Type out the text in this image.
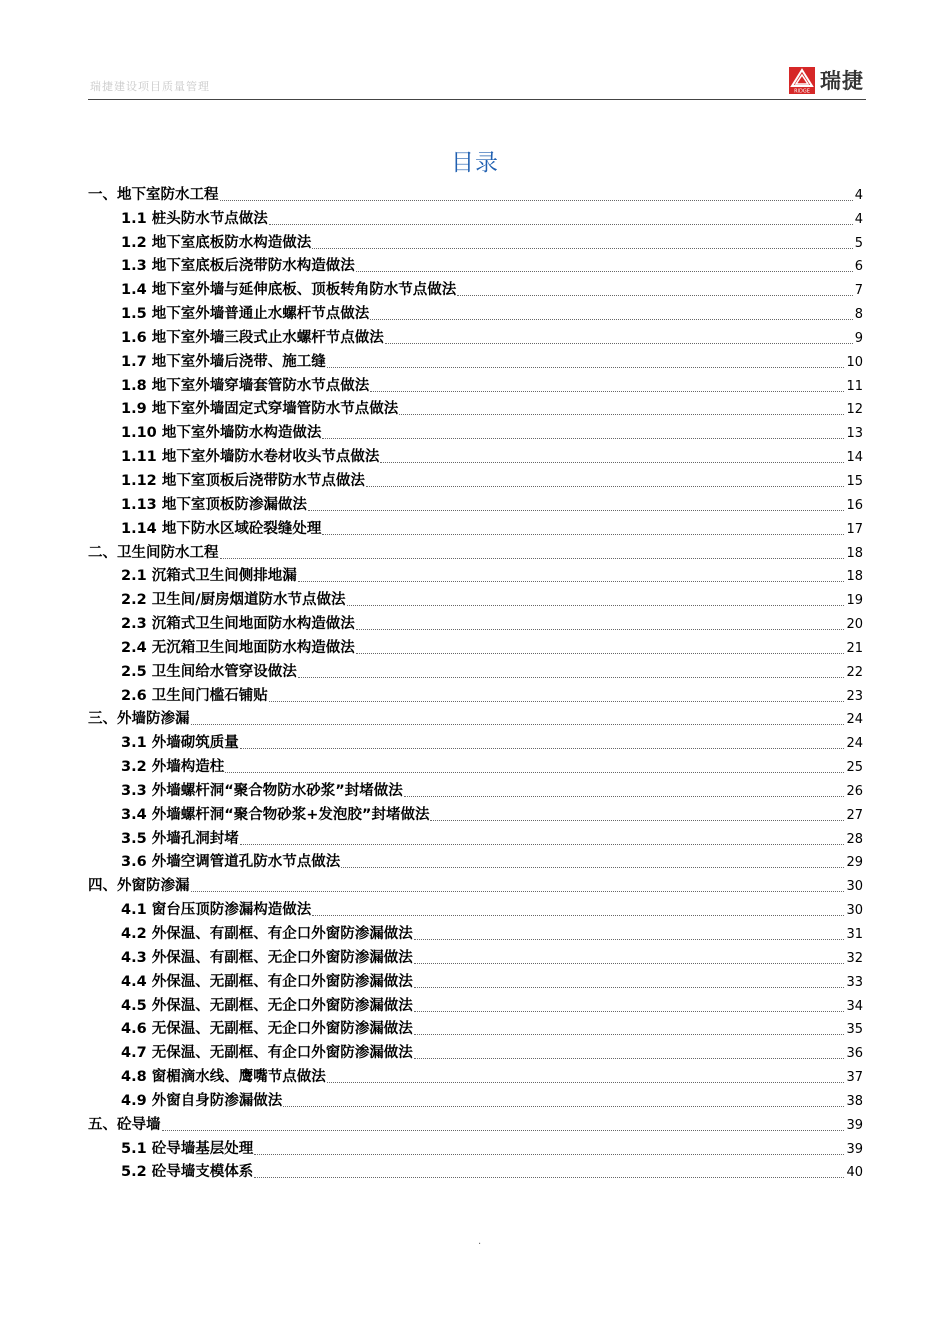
瑞捷建设项目质量管理	RIDGE 瑞捷
目录
一、 地下室防水工程	4
1.1 桩头防水节点做法	4
1.2 地下室底板防水构造做法	5
1.3 地下室底板后浇带防水构造做法	6
1.4 地下室外墙与延伸底板、顶板转角防水节点做法	7
1.5 地下室外墙普通止水螺杆节点做法	8
1.6 地下室外墙三段式止水螺杆节点做法	9
1.7 地下室外墙后浇带、施工缝	10
1.8 地下室外墙穿墙套管防水节点做法	11
1.9 地下室外墙固定式穿墙管防水节点做法	12
1.10 地下室外墙防水构造做法	13
1.11 地下室外墙防水卷材收头节点做法	14
1.12 地下室顶板后浇带防水节点做法	15
1.13 地下室顶板防渗漏做法	16
1.14 地下防水区域砼裂缝处理	17
二、 卫生间防水工程	18
2.1 沉箱式卫生间侧排地漏	18
2.2 卫生间/厨房烟道防水节点做法	19
2.3 沉箱式卫生间地面防水构造做法	20
2.4 无沉箱卫生间地面防水构造做法	21
2.5 卫生间给水管穿设做法	22
2.6 卫生间门槛石铺贴	23
三、 外墙防渗漏	24
3.1 外墙砌筑质量	24
3.2 外墙构造柱	25
3.3 外墙螺杆洞“聚合物防水砂浆”封堵做法	26
3.4 外墙螺杆洞“聚合物砂浆+发泡胶”封堵做法	27
3.5 外墙孔洞封堵	28
3.6 外墙空调管道孔防水节点做法	29
四、 外窗防渗漏	30
4.1 窗台压顶防渗漏构造做法	30
4.2 外保温、有副框、有企口外窗防渗漏做法	31
4.3 外保温、有副框、无企口外窗防渗漏做法	32
4.4 外保温、无副框、有企口外窗防渗漏做法	33
4.5 外保温、无副框、无企口外窗防渗漏做法	34
4.6 无保温、无副框、无企口外窗防渗漏做法	35
4.7 无保温、无副框、有企口外窗防渗漏做法	36
4.8 窗楣滴水线、鹰嘴节点做法	37
4.9 外窗自身防渗漏做法	38
五、 砼导墙	39
5.1 砼导墙基层处理	39
5.2 砼导墙支模体系	40
.
